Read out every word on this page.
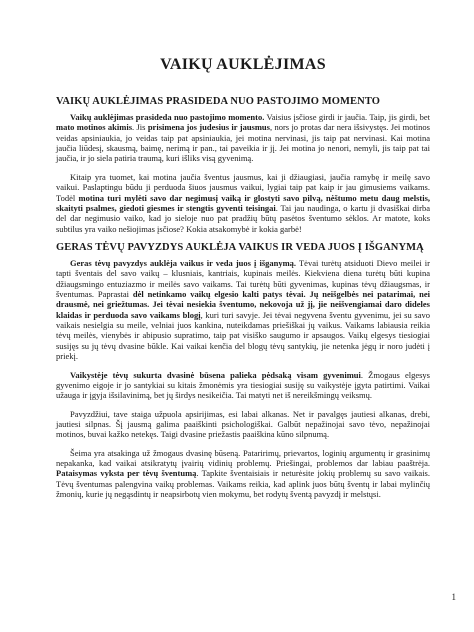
VAIKŲ AUKLĖJIMAS
VAIKŲ AUKLĖJIMAS PRASIDEDA NUO PASTOJIMO MOMENTO

Vaikų auklėjimas prasideda nuo pastojimo momento. Vaisius įsčiose girdi ir jaučia. Taip, jis girdi, bet mato motinos akimis. Jis prisimena jos judesius ir jausmus, nors jo protas dar nera išsivystęs. Jei motinos veidas apsiniaukia, jo veidas taip pat apsiniaukia, jei motina nervinasi, jis taip pat nervinasi. Kai motina jaučia liūdesį, skausmą, baimę, nerimą ir pan., tai paveikia ir jį. Jei motina jo nenori, nemyli, jis taip pat tai jaučia, ir jo siela patiria traumą, kuri išliks visą gyvenimą.

Kitaip yra tuomet, kai motina jaučia šventus jausmus, kai ji džiaugiasi, jaučia ramybę ir meilę savo vaikui. Paslaptingu būdu ji perduoda šiuos jausmus vaikui, lygiai taip pat kaip ir jau gimusiems vaikams. Todėl motina turi mylėti savo dar negimusį vaiką ir glostyti savo pilvą, nėštumo metu daug melstis, skaityti psalmes, giedoti giesmes ir stengtis gyventi teisingai. Tai jau naudinga, o kartu ji dvasiškai dirba del dar negimusio vaiko, kad jo sieloje nuo pat pradžių būtų pasėtos šventumo sėklos. Ar matote, koks subtilus yra vaiko nešiojimas įsčiose? Kokia atsakomybė ir kokia garbė!

GERAS TĖVŲ PAVYZDYS AUKLĖJA VAIKUS IR VEDA JUOS Į IŠGANYMĄ

Geras tėvų pavyzdys auklėja vaikus ir veda juos į išganymą. Tėvai turėtų atsiduoti Dievo meilei ir tapti šventais del savo vaikų – klusniais, kantriais, kupinais meilės. Kiekviena diena turėtų būti kupina džiaugsmingo entuziazmo ir meilės savo vaikams. Tai turėtų būti gyvenimas, kupinas tėvų džiaugsmas, ir šventumas. Paprastai dėl netinkamo vaikų elgesio kalti patys tėvai. Jų neišgelbės nei patarimai, nei drausmė, nei griežtumas. Jei tėvai nesiekia šventumo, nekovoja už jį, jie neišvengiamai daro dideles klaidas ir perduoda savo vaikams blogį, kuri turi savyje. Jei tėvai negyvena šventu gyvenimu, jei su savo vaikais nesielgia su meile, velniai juos kankina, nuteikdamas priešiškai jų vaikus. Vaikams labiausia reikia tėvų meilės, vienybės ir abipusio supratimo, taip pat visiško saugumo ir apsaugos. Vaikų elgesys tiesiogiai susijęs su jų tėvų dvasine būkle. Kai vaikai kenčia del blogų tėvų santykių, jie netenka jėgų ir noro judėti į priekį.

Vaikystėje tėvų sukurta dvasinė būsena palieka pėdsaką visam gyvenimui. Žmogaus elgesys gyvenimo eigoje ir jo santykiai su kitais žmonėmis yra tiesiogiai susiję su vaikystėje įgyta patirtimi. Vaikai užauga ir įgyja išsilavinimą, bet jų širdys nesikeičia. Tai matyti net iš nereikšmingų veiksmų.

Pavyzdžiui, tave staiga užpuola apsirijimas, esi labai alkanas. Net ir pavalgęs jautiesi alkanas, drebi, jautiesi silpnas. Šį jausmą galima paaiškinti psichologiškai. Galbūt nepažinojai savo tėvo, nepažinojai motinos, buvai kažko netekęs. Taigi dvasine priežastis paaiškina kūno silpnumą.

Šeima yra atsakinga už žmogaus dvasinę būseną. Pataririmų, prievartos, loginių argumentų ir grasinimų nepakanka, kad vaikai atsikratytų įvairių vidinių problemų. Priešingai, problemos dar labiau paaštrėja. Pataisymas vyksta per tėvų šventumą. Tapkite šventaisiais ir neturėsite jokių problemų su savo vaikais. Tėvų šventumas palengvina vaikų problemas. Vaikams reikia, kad aplink juos būtų šventų ir labai mylinčių žmonių, kurie jų negąsdintų ir neapsirbotų vien mokymu, bet rodytų šventą pavyzdį ir melstųsi.

1
